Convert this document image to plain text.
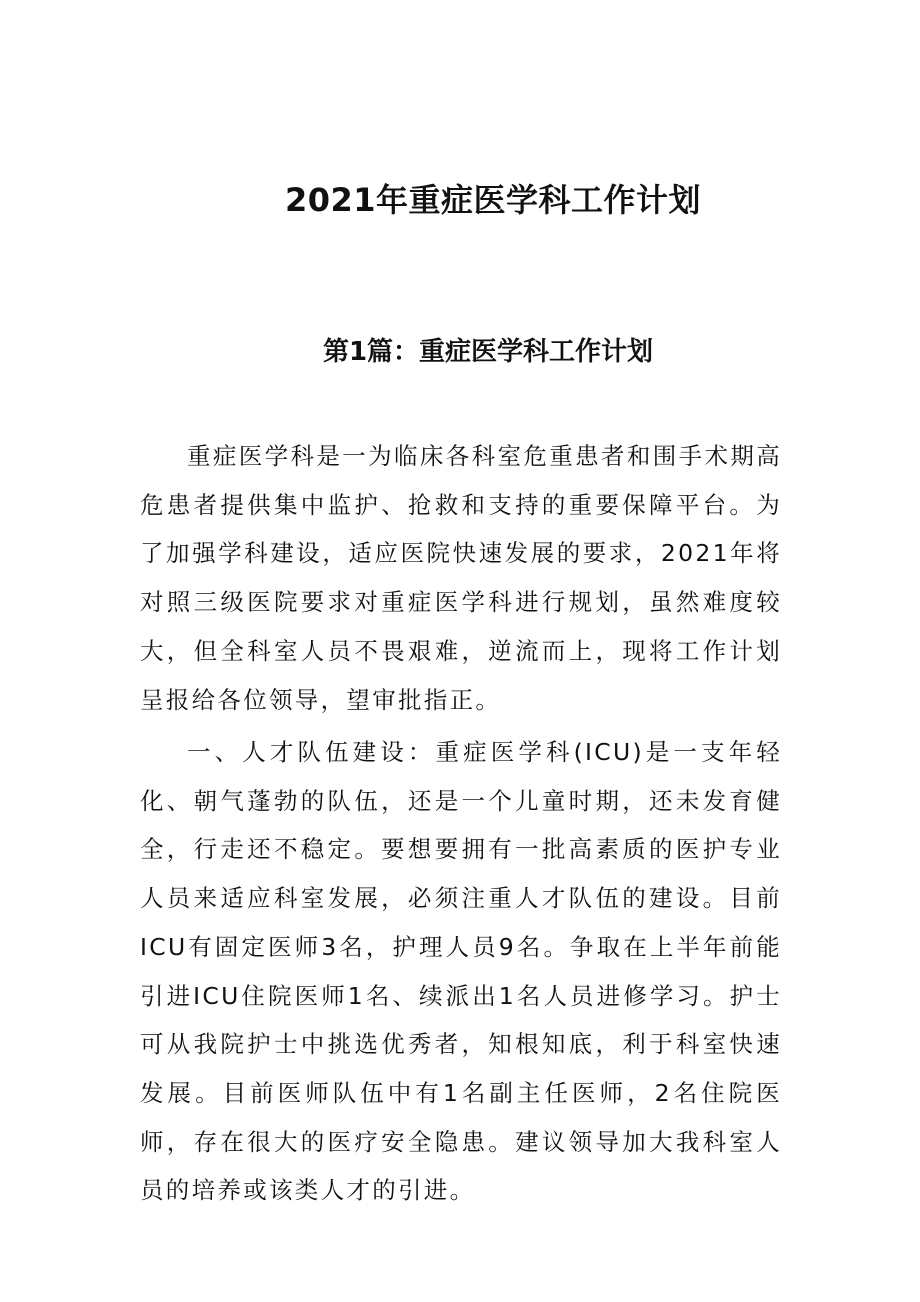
2021年重症医学科工作计划
第1篇：重症医学科工作计划

重症医学科是一为临床各科室危重患者和围手术期高危患者提供集中监护、抢救和支持的重要保障平台。为了加强学科建设，适应医院快速发展的要求，2021年将对照三级医院要求对重症医学科进行规划，虽然难度较大，但全科室人员不畏艰难，逆流而上，现将工作计划呈报给各位领导，望审批指正。

一、人才队伍建设：重症医学科(ICU)是一支年轻化、朝气蓬勃的队伍，还是一个儿童时期，还未发育健全，行走还不稳定。要想要拥有一批高素质的医护专业人员来适应科室发展，必须注重人才队伍的建设。目前ICU有固定医师3名，护理人员9名。争取在上半年前能引进ICU住院医师1名、续派出1名人员进修学习。护士可从我院护士中挑选优秀者，知根知底，利于科室快速发展。目前医师队伍中有1名副主任医师，2名住院医师，存在很大的医疗安全隐患。建议领导加大我科室人员的培养或该类人才的引进。
